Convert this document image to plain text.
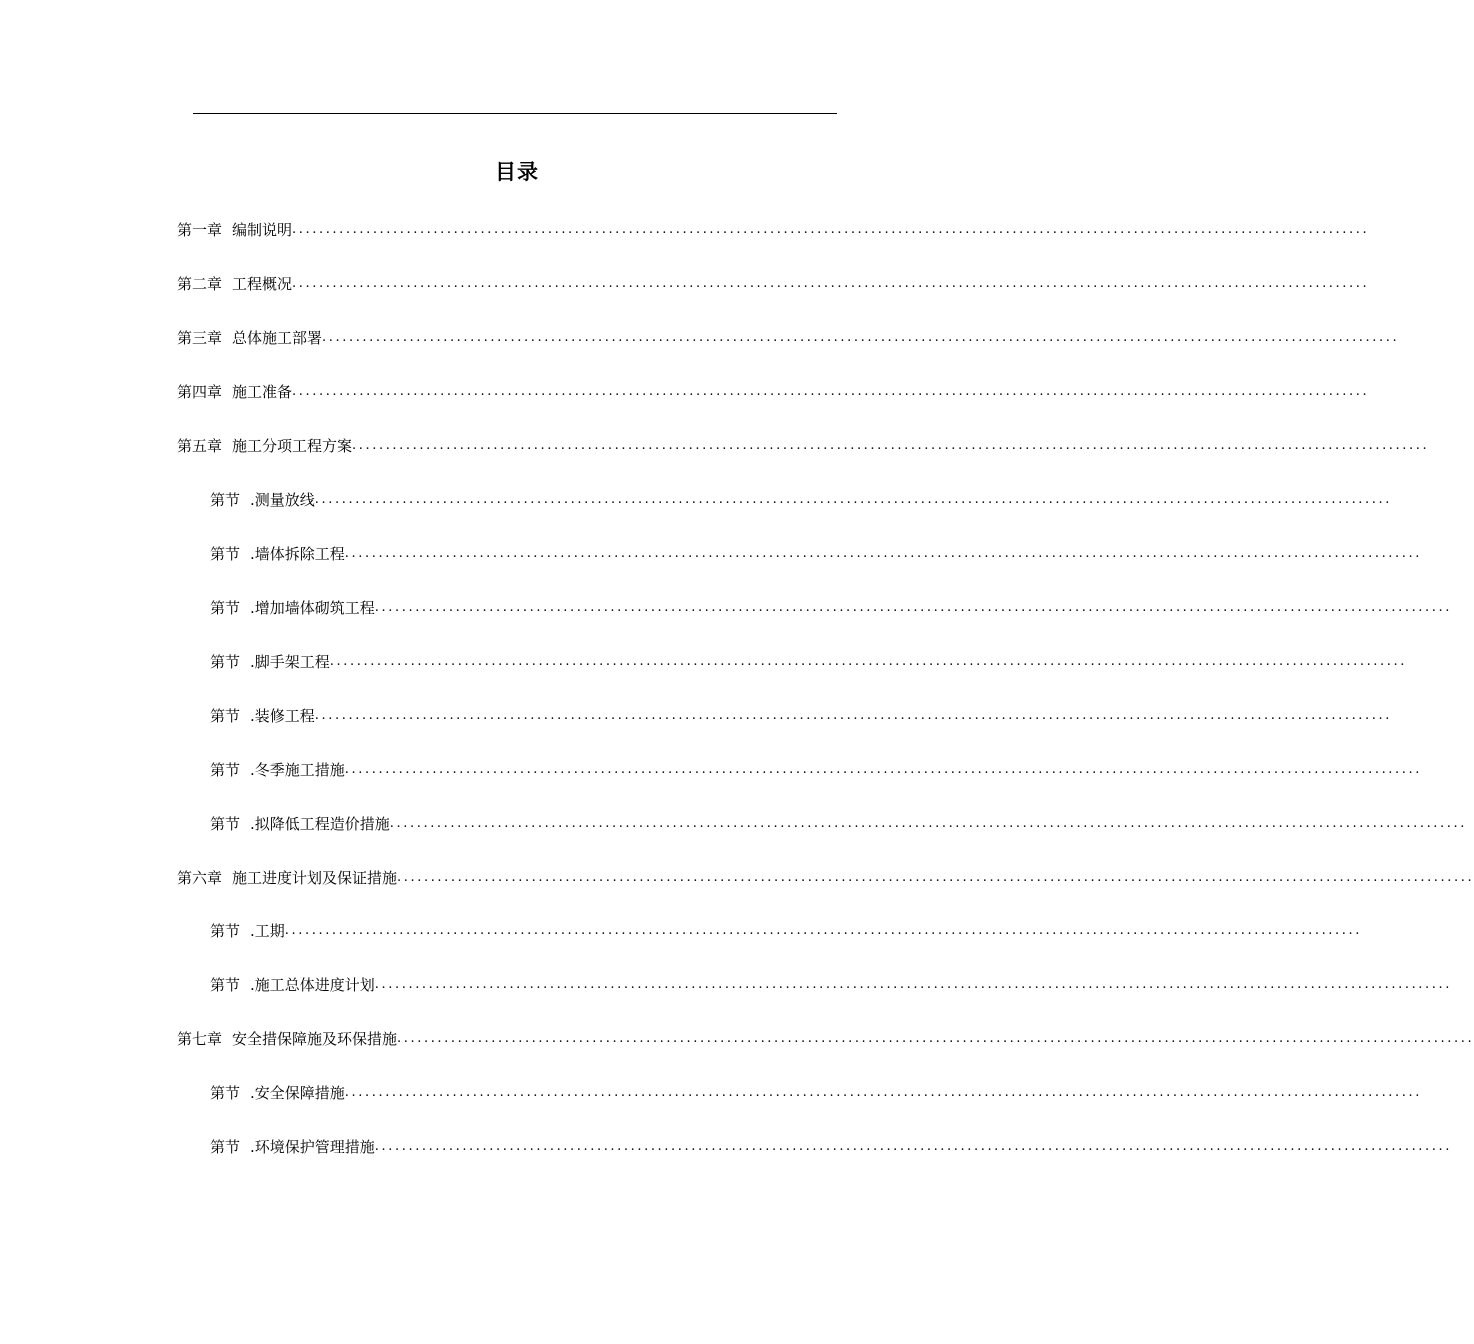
目录
第一章 编制说明 ................................................................................................................................................................
第二章 工程概况 ................................................................................................................................................................
第三章 总体施工部署 ................................................................................................................................................................
第四章 施工准备 ................................................................................................................................................................
第五章 施工分项工程方案 ................................................................................................................................................................
第节 .测量放线 ................................................................................................................................................................
第节 .墙体拆除工程 ................................................................................................................................................................
第节 .增加墙体砌筑工程 ................................................................................................................................................................
第节 .脚手架工程 ................................................................................................................................................................
第节 .装修工程 ................................................................................................................................................................
第节 .冬季施工措施 ................................................................................................................................................................
第节 .拟降低工程造价措施 ................................................................................................................................................................
第六章 施工进度计划及保证措施 ................................................................................................................................................................
第节 .工期 ................................................................................................................................................................
第节 .施工总体进度计划 ................................................................................................................................................................
第七章 安全措保障施及环保措施 ................................................................................................................................................................
第节 .安全保障措施 ................................................................................................................................................................
第节 .环境保护管理措施 ................................................................................................................................................................
